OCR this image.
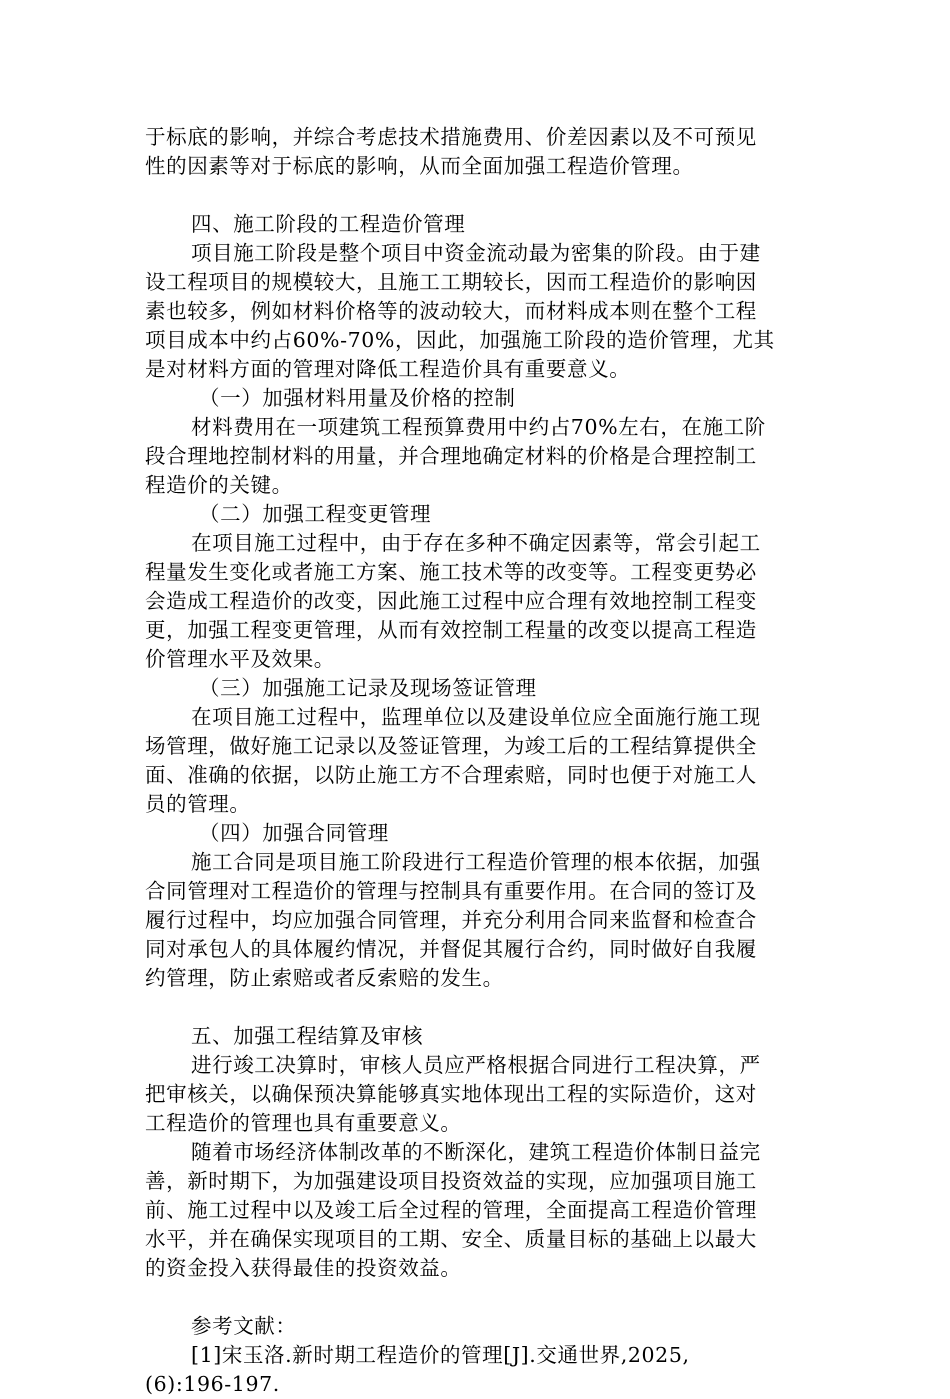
于标底的影响，并综合考虑技术措施费用、价差因素以及不可预见
性的因素等对于标底的影响，从而全面加强工程造价管理。
四、施工阶段的工程造价管理
项目施工阶段是整个项目中资金流动最为密集的阶段。由于建
设工程项目的规模较大，且施工工期较长，因而工程造价的影响因
素也较多，例如材料价格等的波动较大，而材料成本则在整个工程
项目成本中约占60%-70%，因此，加强施工阶段的造价管理，尤其
是对材料方面的管理对降低工程造价具有重要意义。
（一）加强材料用量及价格的控制
材料费用在一项建筑工程预算费用中约占70%左右，在施工阶
段合理地控制材料的用量，并合理地确定材料的价格是合理控制工
程造价的关键。
（二）加强工程变更管理
在项目施工过程中，由于存在多种不确定因素等，常会引起工
程量发生变化或者施工方案、施工技术等的改变等。工程变更势必
会造成工程造价的改变，因此施工过程中应合理有效地控制工程变
更，加强工程变更管理，从而有效控制工程量的改变以提高工程造
价管理水平及效果。
（三）加强施工记录及现场签证管理
在项目施工过程中，监理单位以及建设单位应全面施行施工现
场管理，做好施工记录以及签证管理，为竣工后的工程结算提供全
面、准确的依据，以防止施工方不合理索赔，同时也便于对施工人
员的管理。
（四）加强合同管理
施工合同是项目施工阶段进行工程造价管理的根本依据，加强
合同管理对工程造价的管理与控制具有重要作用。在合同的签订及
履行过程中，均应加强合同管理，并充分利用合同来监督和检查合
同对承包人的具体履约情况，并督促其履行合约，同时做好自我履
约管理，防止索赔或者反索赔的发生。
五、加强工程结算及审核
进行竣工决算时，审核人员应严格根据合同进行工程决算，严
把审核关，以确保预决算能够真实地体现出工程的实际造价，这对
工程造价的管理也具有重要意义。
随着市场经济体制改革的不断深化，建筑工程造价体制日益完
善，新时期下，为加强建设项目投资效益的实现，应加强项目施工
前、施工过程中以及竣工后全过程的管理，全面提高工程造价管理
水平，并在确保实现项目的工期、安全、质量目标的基础上以最大
的资金投入获得最佳的投资效益。
参考文献：
[1]宋玉洛.新时期工程造价的管理[J].交通世界,2025,
(6):196-197.
